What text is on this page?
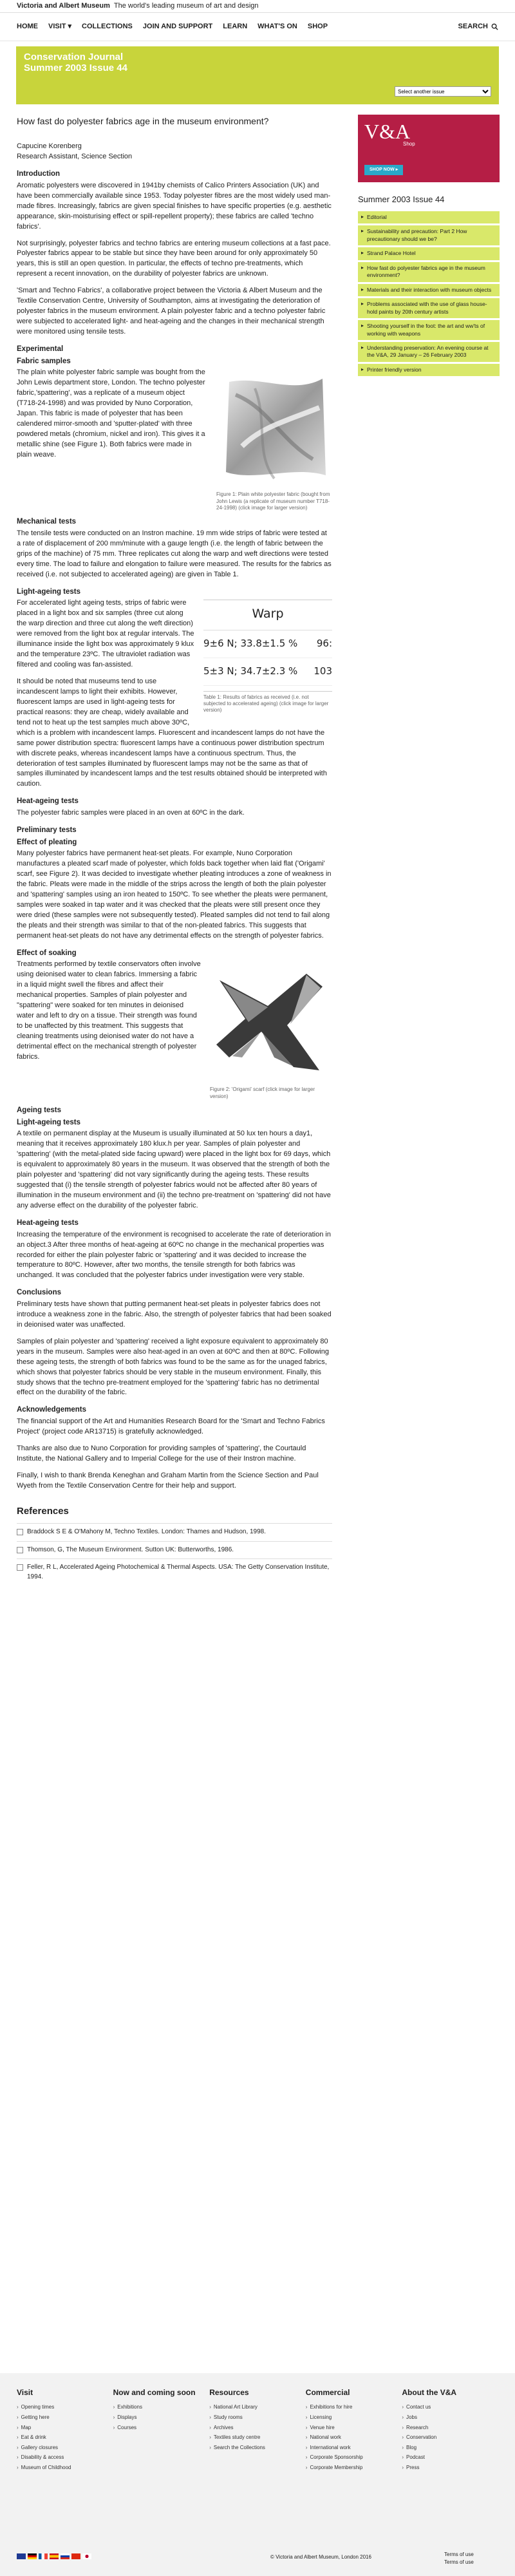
Victoria and Albert Museum The world's leading museum of art and design
HOME VISIT ▾ COLLECTIONS JOIN AND SUPPORT LEARN WHAT'S ON SHOP	SEARCH
Conservation Journal
Summer 2003 Issue 44
Select another issue
How fast do polyester fabrics age in the museum environment?
Capucine Korenberg

Research Assistant, Science Section

Introduction

Aromatic polyesters were discovered in 1941by chemists of Calico Printers Association (UK) and have been commercially available since 1953. Today polyester fibres are the most widely used man-made fibres. Increasingly, fabrics are given special finishes to have specific properties (e.g. aesthetic appearance, skin-moisturising effect or spill-repellent property); these fabrics are called 'techno fabrics'.

Not surprisingly, polyester fabrics and techno fabrics are entering museum collections at a fast pace. Polyester fabrics appear to be stable but since they have been around for only approximately 50 years, this is still an open question. In particular, the effects of techno pre-treatments, which represent a recent innovation, on the durability of polyester fabrics are unknown.

'Smart and Techno Fabrics', a collaborative project between the Victoria & Albert Museum and the Textile Conservation Centre, University of Southampton, aims at investigating the deterioration of polyester fabrics in the museum environment. A plain polyester fabric and a techno polyester fabric were subjected to accelerated light- and heat-ageing and the changes in their mechanical strength were monitored using tensile tests.

Experimental
Fabric samples
Figure 1: Plain white polyester fabric (bought from John Lewis (a replicate of museum number T718-24-1998) (click image for larger version)

The plain white polyester fabric sample was bought from the John Lewis department store, London. The techno polyester fabric,'spattering', was a replicate of a museum object (T718-24-1998) and was provided by Nuno Corporation, Japan. This fabric is made of polyester that has been calendered mirror-smooth and 'sputter-plated' with three powdered metals (chromium, nickel and iron). This gives it a metallic shine (see Figure 1). Both fabrics were made in plain weave.

Mechanical tests

The tensile tests were conducted on an Instron machine. 19 mm wide strips of fabric were tested at a rate of displacement of 200 mm/minute with a gauge length (i.e. the length of fabric between the grips of the machine) of 75 mm. Three replicates cut along the warp and weft directions were tested every time. The load to failure and elongation to failure were measured. The results for the fabrics as received (i.e. not subjected to accelerated ageing) are given in Table 1.

Light-ageing tests
Warp
9±6 N; 33.8±1.5 % 96:
5±3 N; 34.7±2.3 % 103
Table 1: Results of fabrics as received (i.e. not subjected to accelerated ageing) (click image for larger version)

For accelerated light ageing tests, strips of fabric were placed in a light box and six samples (three cut along the warp direction and three cut along the weft direction) were removed from the light box at regular intervals. The illuminance inside the light box was approximately 9 klux and the temperature 23ºC. The ultraviolet radiation was filtered and cooling was fan-assisted.

It should be noted that museums tend to use incandescent lamps to light their exhibits. However, fluorescent lamps are used in light-ageing tests for practical reasons: they are cheap, widely available and tend not to heat up the test samples much above 30ºC, which is a problem with incandescent lamps. Fluorescent and incandescent lamps do not have the same power distribution spectra: fluorescent lamps have a continuous power distribution spectrum with discrete peaks, whereas incandescent lamps have a continuous spectrum. Thus, the deterioration of test samples illuminated by fluorescent lamps may not be the same as that of samples illuminated by incandescent lamps and the test results obtained should be interpreted with caution.

Heat-ageing tests

The polyester fabric samples were placed in an oven at 60ºC in the dark.

Preliminary tests
Effect of pleating

Many polyester fabrics have permanent heat-set pleats. For example, Nuno Corporation manufactures a pleated scarf made of polyester, which folds back together when laid flat ('Origami' scarf, see Figure 2). It was decided to investigate whether pleating introduces a zone of weakness in the fabric. Pleats were made in the middle of the strips across the length of both the plain polyester and 'spattering' samples using an iron heated to 150ºC. To see whether the pleats were permanent, samples were soaked in tap water and it was checked that the pleats were still present once they were dried (these samples were not subsequently tested). Pleated samples did not tend to fail along the pleats and their strength was similar to that of the non-pleated fabrics. This suggests that permanent heat-set pleats do not have any detrimental effects on the strength of polyester fabrics.

Effect of soaking
Figure 2: 'Origami' scarf (click image for larger version)

Treatments performed by textile conservators often involve using deionised water to clean fabrics. Immersing a fabric in a liquid might swell the fibres and affect their mechanical properties. Samples of plain polyester and "spattering" were soaked for ten minutes in deionised water and left to dry on a tissue. Their strength was found to be unaffected by this treatment. This suggests that cleaning treatments using deionised water do not have a detrimental effect on the mechanical strength of polyester fabrics.

Ageing tests
Light-ageing tests

A textile on permanent display at the Museum is usually illuminated at 50 lux ten hours a day1, meaning that it receives approximately 180 klux.h per year. Samples of plain polyester and 'spattering' (with the metal-plated side facing upward) were placed in the light box for 69 days, which is equivalent to approximately 80 years in the museum. It was observed that the strength of both the plain polyester and 'spattering' did not vary significantly during the ageing tests. These results suggested that (i) the tensile strength of polyester fabrics would not be affected after 80 years of illumination in the museum environment and (ii) the techno pre-treatment on 'spattering' did not have any adverse effect on the durability of the polyester fabric.

Heat-ageing tests

Increasing the temperature of the environment is recognised to accelerate the rate of deterioration in an object.3 After three months of heat-ageing at 60ºC no change in the mechanical properties was recorded for either the plain polyester fabric or 'spattering' and it was decided to increase the temperature to 80ºC. However, after two months, the tensile strength for both fabrics was unchanged. It was concluded that the polyester fabrics under investigation were very stable.

Conclusions

Preliminary tests have shown that putting permanent heat-set pleats in polyester fabrics does not introduce a weakness zone in the fabric. Also, the strength of polyester fabrics that had been soaked in deionised water was unaffected.

Samples of plain polyester and 'spattering' received a light exposure equivalent to approximately 80 years in the museum. Samples were also heat-aged in an oven at 60ºC and then at 80ºC. Following these ageing tests, the strength of both fabrics was found to be the same as for the unaged fabrics, which shows that polyester fabrics should be very stable in the museum environment. Finally, this study shows that the techno pre-treatment employed for the 'spattering' fabric has no detrimental effect on the durability of the fabric.

Acknowledgements

The financial support of the Art and Humanities Research Board for the 'Smart and Techno Fabrics Project' (project code AR13715) is gratefully acknowledged.

Thanks are also due to Nuno Corporation for providing samples of 'spattering', the Courtauld Institute, the National Gallery and to Imperial College for the use of their Instron machine.

Finally, I wish to thank Brenda Keneghan and Graham Martin from the Science Section and Paul Wyeth from the Textile Conservation Centre for their help and support.

References
Braddock S E & O'Mahony M, Techno Textiles. London: Thames and Hudson, 1998.
Thomson, G, The Museum Environment. Sutton UK: Butterworths, 1986.
Feller, R L, Accelerated Ageing Photochemical & Thermal Aspects. USA: The Getty Conservation Institute, 1994.
V&A
Shop
SHOP NOW ▸
Summer 2003 Issue 44
▸ Editorial
▸ Sustainability and precaution: Part 2 How precautionary should we be?
▸ Strand Palace Hotel
▸ How fast do polyester fabrics age in the museum environment?
▸ Materials and their interaction with museum objects
▸ Problems associated with the use of glass house-hold paints by 20th century artists
▸ Shooting yourself in the foot: the art and ww'ts of working with weapons
▸ Understanding preservation: An evening course at the V&A, 29 January – 26 February 2003
▸ Printer friendly version
Visit
› Opening times
› Getting here
› Map
› Eat & drink
› Gallery closures
› Disability & access
› Museum of Childhood
Now and coming soon
› Exhibitions
› Displays
› Courses
Resources
› National Art Library
› Study rooms
› Archives
› Textiles study centre
› Search the Collections
Commercial
› Exhibitions for hire
› Licensing
› Venue hire
› National work
› International work
› Corporate Sponsorship
› Corporate Membership
About the V&A
› Contact us
› Jobs
› Research
› Conservation
› Blog
› Podcast
› Press
© Victoria and Albert Museum, London 2016	Terms of use
Terms of use
